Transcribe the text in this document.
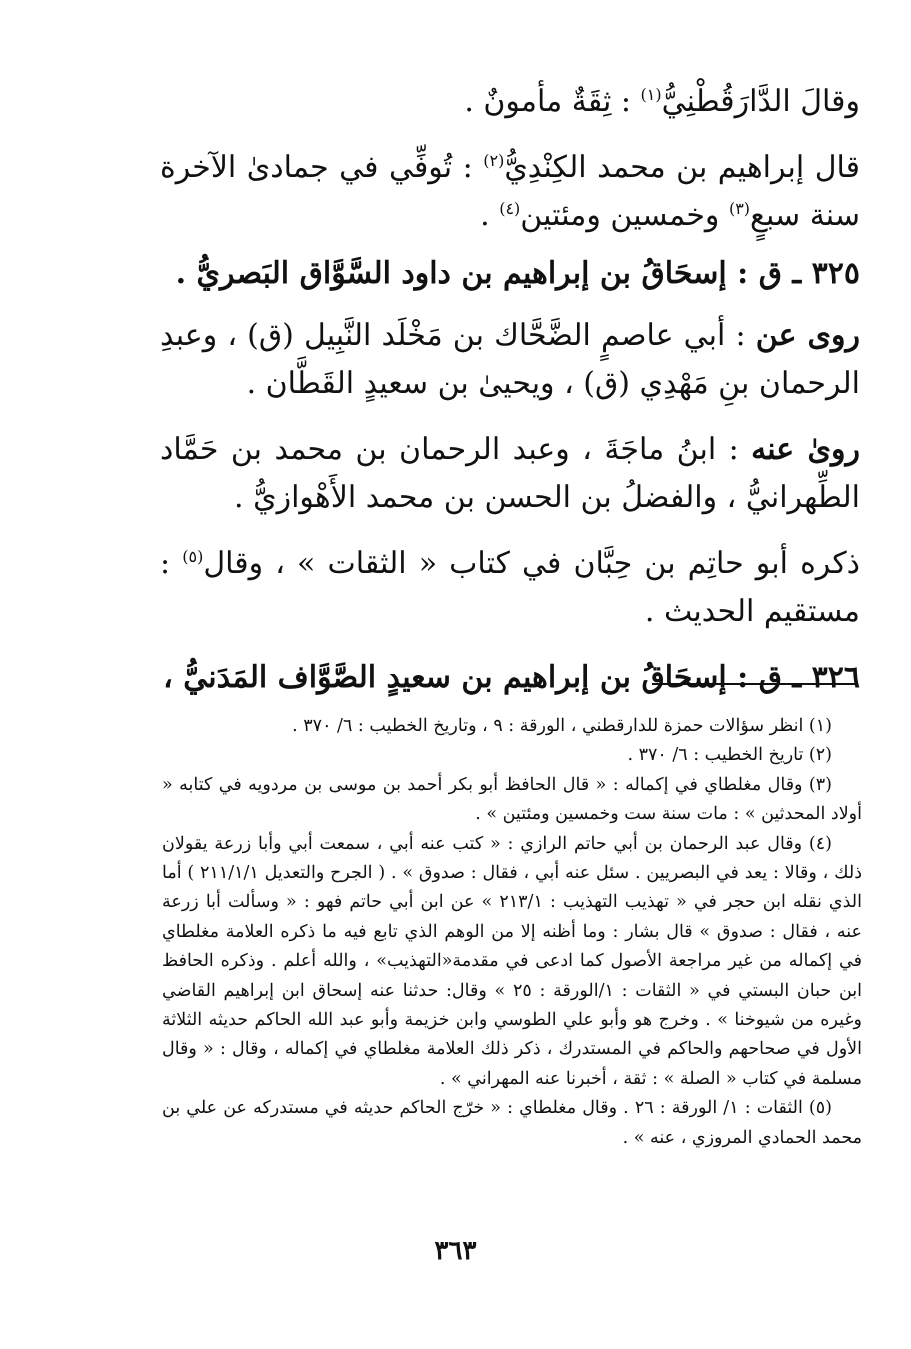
وقالَ الدَّارَقُطْنِيُّ$^{(١)}$ : ثِقَةٌ مأمونٌ .

قال إبراهيم بن محمد الكِنْدِيُّ$^{(٢)}$ : تُوفِّي في جمادىٰ الآخرة سنة سبعٍ$^{(٣)}$ وخمسين ومئتين$^{(٤)}$ .

٣٢٥ ـ ق : إسحَاقُ بن إبراهيم بن داود السَّوَّاق البَصريُّ .

روى عن : أبي عاصمٍ الضَّحَّاك بن مَخْلَد النَّبِيل (ق) ، وعبدِ الرحمان بنِ مَهْدِي (ق) ، ويحيىٰ بن سعيدٍ القَطَّان .

روىٰ عنه : ابنُ ماجَةَ ، وعبد الرحمان بن محمد بن حَمَّاد الطِّهرانيُّ ، والفضلُ بن الحسن بن محمد الأَهْوازيُّ .

ذكره أبو حاتِم بن حِبَّان في كتاب « الثقات » ، وقال$^{(٥)}$ : مستقيم الحديث .

٣٢٦ ـ ق : إسحَاقُ بن إبراهيم بن سعيدٍ الصَّوَّاف المَدَنيُّ ،

(١) انظر سؤالات حمزة للدارقطني ، الورقة : ٩ ، وتاريخ الخطيب : ٦/ ٣٧٠ .

(٢) تاريخ الخطيب : ٦/ ٣٧٠ .

(٣) وقال مغلطاي في إكماله : « قال الحافظ أبو بكر أحمد بن موسى بن مردويه في كتابه « أولاد المحدثين » : مات سنة ست وخمسين ومئتين » .

(٤) وقال عبد الرحمان بن أبي حاتم الرازي : « كتب عنه أبي ، سمعت أبي وأبا زرعة يقولان ذلك ، وقالا : يعد في البصريين . سئل عنه أبي ، فقال : صدوق » . ( الجرح والتعديل ٢١١/١/١ ) أما الذي نقله ابن حجر في « تهذيب التهذيب : ٢١٣/١ » عن ابن أبي حاتم فهو : « وسألت أبا زرعة عنه ، فقال : صدوق » قال بشار : وما أظنه إلا من الوهم الذي تابع فيه ما ذكره العلامة مغلطاي في إكماله من غير مراجعة الأصول كما ادعى في مقدمة«التهذيب» ، والله أعلم . وذكره الحافظ ابن حبان البستي في « الثقات : ١/الورقة : ٢٥ » وقال: حدثنا عنه إسحاق ابن إبراهيم القاضي وغيره من شيوخنا » . وخرج هو وأبو علي الطوسي وابن خزيمة وأبو عبد الله الحاكم حديثه الثلاثة الأول في صحاحهم والحاكم في المستدرك ، ذكر ذلك العلامة مغلطاي في إكماله ، وقال : « وقال مسلمة في كتاب « الصلة » : ثقة ، أخبرنا عنه المهراني » .

(٥) الثقات : ١/ الورقة : ٢٦ . وقال مغلطاي : « خرّج الحاكم حديثه في مستدركه عن علي بن محمد الحمادي المروزي ، عنه » .

٣٦٣
